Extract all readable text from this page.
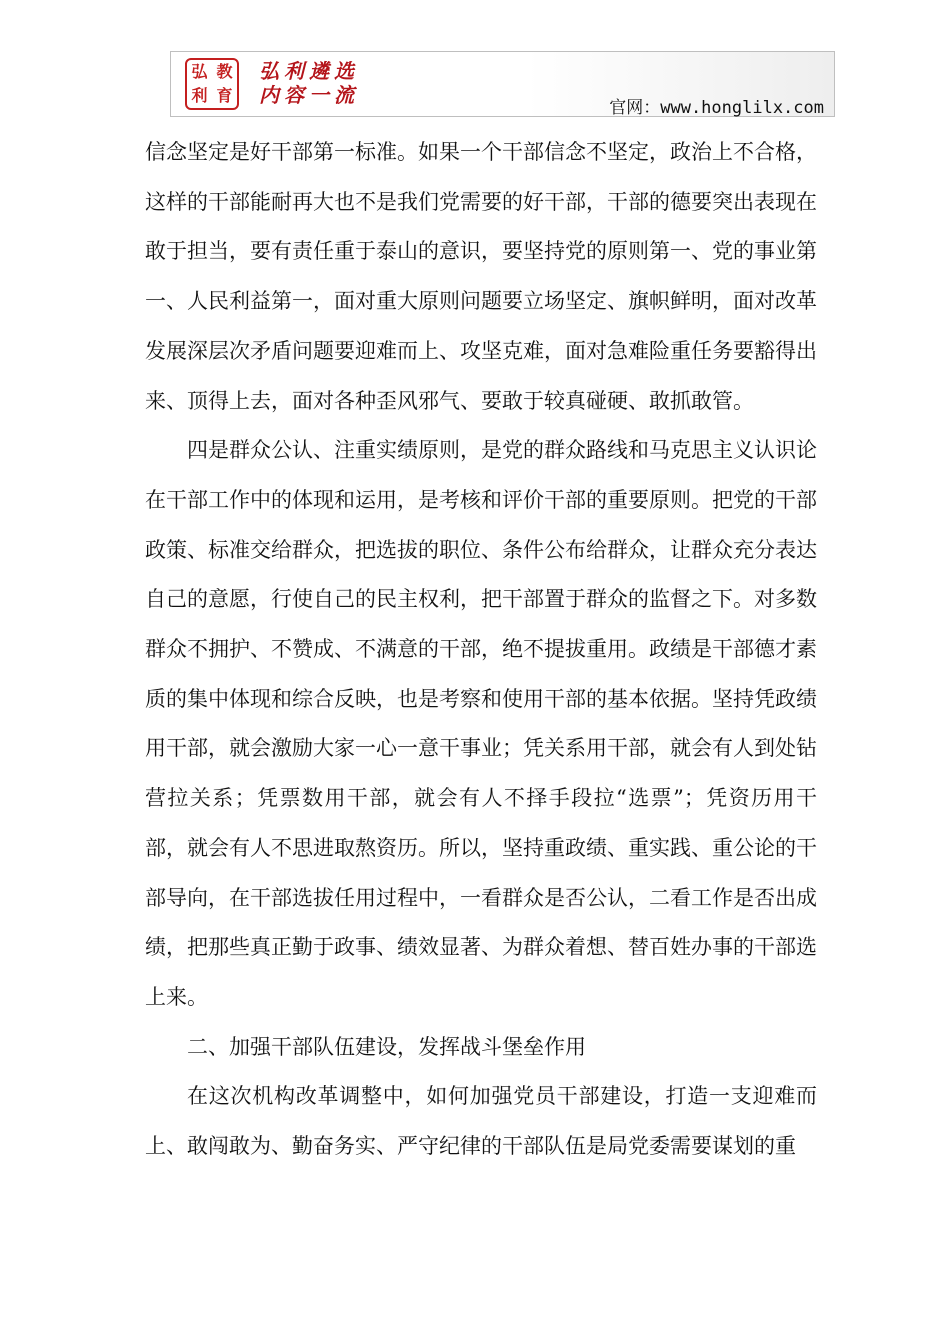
弘 教
利 育
弘利遴选
内容一流
官网：www.honglilx.com

信念坚定是好干部第一标准。如果一个干部信念不坚定，政治上不合格，这样的干部能耐再大也不是我们党需要的好干部，干部的德要突出表现在敢于担当，要有责任重于泰山的意识，要坚持党的原则第一、党的事业第一、人民利益第一，面对重大原则问题要立场坚定、旗帜鲜明，面对改革发展深层次矛盾问题要迎难而上、攻坚克难，面对急难险重任务要豁得出来、顶得上去，面对各种歪风邪气、要敢于较真碰硬、敢抓敢管。

四是群众公认、注重实绩原则，是党的群众路线和马克思主义认识论在干部工作中的体现和运用，是考核和评价干部的重要原则。把党的干部政策、标准交给群众，把选拔的职位、条件公布给群众，让群众充分表达自己的意愿，行使自己的民主权利，把干部置于群众的监督之下。对多数群众不拥护、不赞成、不满意的干部，绝不提拔重用。政绩是干部德才素质的集中体现和综合反映，也是考察和使用干部的基本依据。坚持凭政绩用干部，就会激励大家一心一意干事业；凭关系用干部，就会有人到处钻营拉关系；凭票数用干部，就会有人不择手段拉“选票”；凭资历用干部，就会有人不思进取熬资历。所以，坚持重政绩、重实践、重公论的干部导向，在干部选拔任用过程中，一看群众是否公认，二看工作是否出成绩，把那些真正勤于政事、绩效显著、为群众着想、替百姓办事的干部选上来。

二、加强干部队伍建设，发挥战斗堡垒作用

在这次机构改革调整中，如何加强党员干部建设，打造一支迎难而上、敢闯敢为、勤奋务实、严守纪律的干部队伍是局党委需要谋划的重
